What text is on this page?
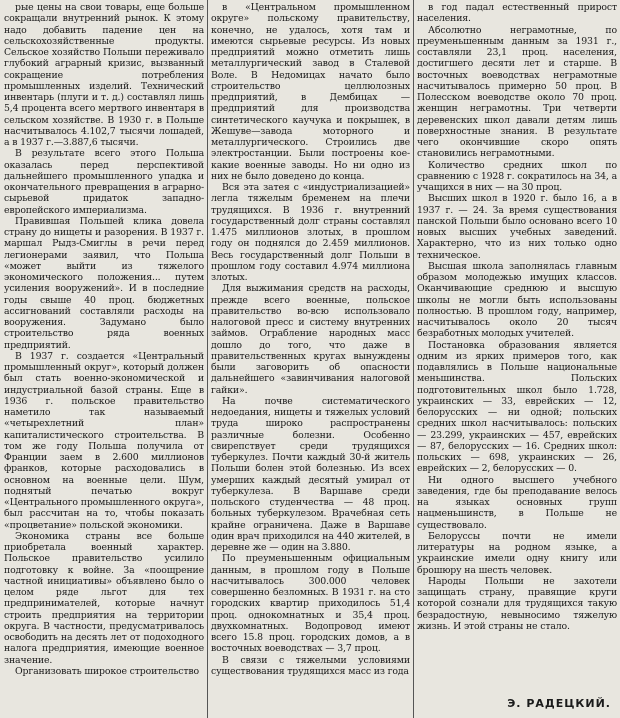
рые цены на свои товары, еще больше сокращали внутренний рынок. К этому надо добавить падение цен на сельскохозяйственные продукты. Сельское хозяйство Польши переживало глубокий аграрный кризис, вызванный сокращение потребления промышленных изделий. Технический инвентарь (плуги и т. д.) составлял лишь 5,4 процента всего мертвого инвентаря в сельском хозяйстве. В 1930 г. в Польше насчитывалось 4.102,7 тысячи лошадей, а в 1937 г.—3.887,6 тысячи.

В результате всего этого Польша оказалась перед перспективой дальнейшего промышленного упадка и окончательного превращения в аграрно-сырьевой придаток западно-европейского империализма.

Правившая Польшей клика довела страну до нищеты и разорения. В 1937 г. маршал Рыдз-Смиглы в речи перед легионерами заявил, что Польша «может выйти из тяжелого экономического положения... путем усиления вооружений». И в последние годы свыше 40 проц. бюджетных ассигнований составляли расходы на вооружения. Задумано было строительство ряда военных предприятий.

В 1937 г. создается «Центральный промышленный округ», который должен был стать военно-экономической и индустриальной базой страны. Еще в 1936 г. польское правительство наметило так называемый «четырехлетний план» капиталистического строительства. В том же году Польша получила от Франции заем в 2.600 миллионов франков, которые расходовались в основном на военные цели. Шум, поднятый печатью вокруг «Центрального промышленного округа», был рассчитан на то, чтобы показать «процветание» польской экономики.

Экономика страны все больше приобретала военный характер. Польское правительство усилило подготовку к войне. За «поощрение частной инициативы» объявлено было о целом ряде льгот для тех предпринимателей, которые начнут строить предприятия на территории округа. В частности, предусматривалось освободить на десять лет от подоходного налога предприятия, имеющие военное значение.

Организовать широкое строительство

в «Центральном промышленном округе» польскому правительству, конечно, не удалось, хотя там и имеются сырьевые ресурсы. Из новых предприятий можно отметить лишь металлургический завод в Сталевой Воле. В Недомицах начато было строительство целлюлозных предприятий, в Дембицах — предприятий для производства синтетического каучука и покрышек, в Жешуве—завода моторного и металлургического. Строились две электростанции. Были построены кое-какие военные заводы. Но ни одно из них не было доведено до конца.

Вся эта затея с «индустриализацией» легла тяжелым бременем на плечи трудящихся. В 1936 г. внутренний государственный долг страны составлял 1.475 миллионов злотых, в прошлом году он поднялся до 2.459 миллионов. Весь государственный долг Польши в прошлом году составил 4.974 миллиона злотых.

Для выжимания средств на расходы, прежде всего военные, польское правительство во-всю использовало налоговой пресс и систему внутренних займов. Ограбление народных масс дошло до того, что даже в правительственных кругах вынуждены были заговорить об опасности дальнейшего «завинчивания налоговой гайки».

На почве систематического недоедания, нищеты и тяжелых условий труда широко распространены различные болезни. Особенно свирепствует среди трудящихся туберкулез. Почти каждый 30-й житель Польши болен этой болезнью. Из всех умерших каждый десятый умирал от туберкулеза. В Варшаве среди польского студенчества — 48 проц. больных туберкулезом. Врачебная сеть крайне ограничена. Даже в Варшаве один врач приходился на 440 жителей, в деревне же — один на 3.880.

По преуменьшенным официальным данным, в прошлом году в Польше насчитывалось 300.000 человек совершенно безломных. В 1931 г. на сто городских квартир приходилось 51,4 проц. однокомнатных и 35,4 проц. двухкомнатных. Водопровод имеют всего 15.8 проц. городских домов, а в восточных воеводствах — 3,7 проц.

В связи с тяжелыми условиями существования трудящихся масс из года

в год падал естественный прирост населения.

Абсолютно неграмотные, по преуменьшенным данным за 1931 г., составляли 23,1 проц. населения, достигшего десяти лет и старше. В восточных воеводствах неграмотные насчитывалось примерно 50 проц. В Полесском воеводстве около 70 проц. женщин неграмотны. Три четверти деревенских школ давали детям лишь поверхностные знания. В результате чего окончившие скоро опять становились неграмотными.

Количество средних школ по сравнению с 1928 г. сократилось на 34, а учащихся в них — на 30 проц.

Высших школ в 1920 г. было 16, а в 1937 г. — 24. За время существования панской Польши было основано всего 10 новых высших учебных заведений. Характерно, что из них только одно техническое.

Высшая школа заполнялась главным образом молодежью имущих классов. Оканчивающие среднюю и высшую школы не могли быть использованы полностью. В прошлом году, например, насчитывалось около 20 тысяч безработных молодых учителей.

Постановка образования является одним из ярких примеров того, как подавлялись в Польше национальные меньшинства. Польских подготовительных школ было 1.728, украинских — 33, еврейских — 12, белорусских — ни одной; польских средних школ насчитывалось: польских — 23.299, украинских — 457, еврейских — 87, белорусских — 16. Средних школ: польских — 698, украинских — 26, еврейских — 2, белорусских — 0.

Ни одного высшего учебного заведения, где бы преподавание велось на языках основных групп нацменьшинств, в Польше не существовало.

Белоруссы почти не имели литературы на родном языке, а украинские имели одну книгу или брошюру на шесть человек.

Народы Польши не захотели защищать страну, правящие круги которой сознали для трудящихся такую безрадостную, невыносимо тяжелую жизнь. И этой страны не стало.

Э. РАДЕЦКИЙ.
